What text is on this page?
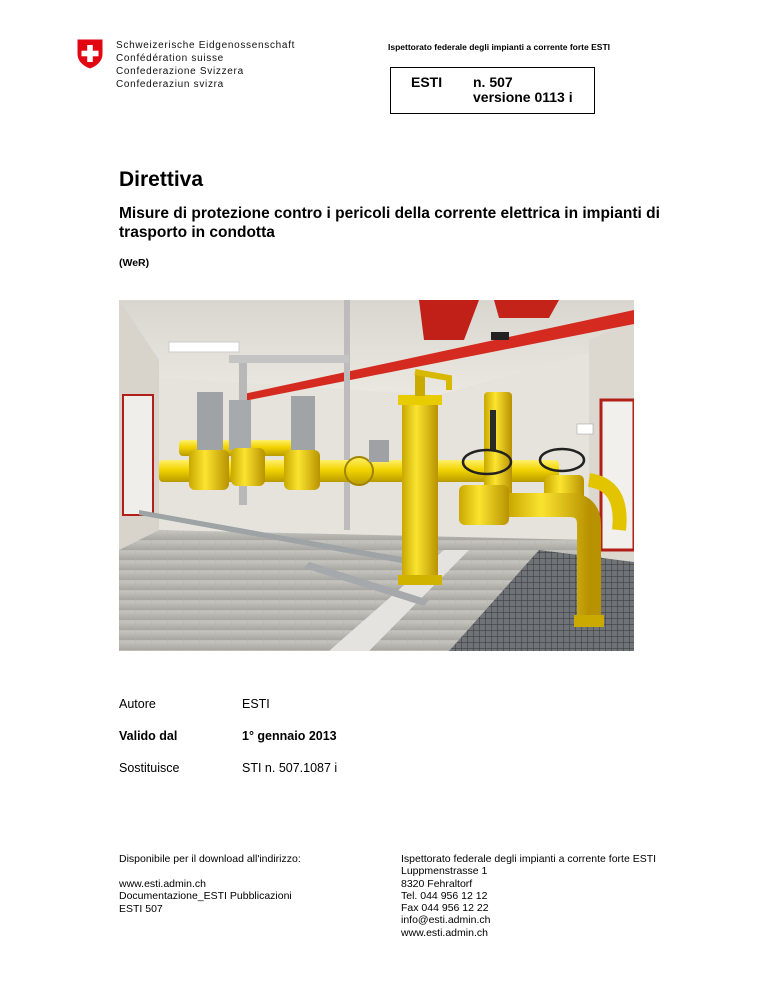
Schweizerische Eidgenossenschaft
Confédération suisse
Confederazione Svizzera
Confederaziun svizra
Ispettorato federale degli impianti a corrente forte ESTI
ESTI n. 507
versione 0113 i
Direttiva
Misure di protezione contro i pericoli della corrente elettrica in impianti di trasporto in condotta
(WeR)
Autore	ESTI
Valido dal	1° gennaio 2013
Sostituisce	STI n. 507.1087 i
Disponibile per il download all'indirizzo:
www.esti.admin.ch
Documentazione_ESTI Pubblicazioni
ESTI 507
Ispettorato federale degli impianti a corrente forte ESTI
Luppmenstrasse 1
8320 Fehraltorf
Tel. 044 956 12 12
Fax 044 956 12 22
info@esti.admin.ch
www.esti.admin.ch
